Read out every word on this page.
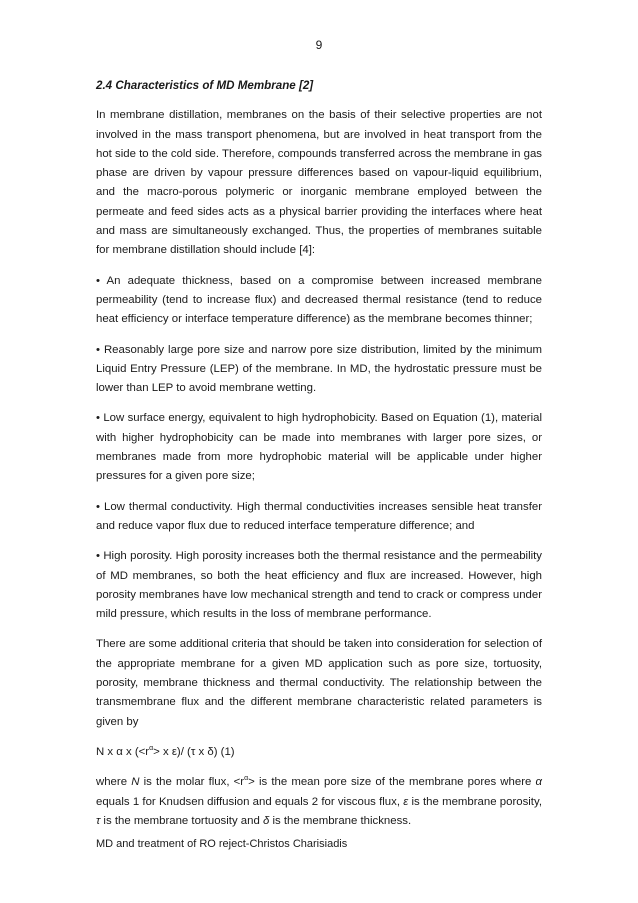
9

2.4 Characteristics of MD Membrane [2]

In membrane distillation, membranes on the basis of their selective properties are not involved in the mass transport phenomena, but are involved in heat transport from the hot side to the cold side. Therefore, compounds transferred across the membrane in gas phase are driven by vapour pressure differences based on vapour-liquid equilibrium, and the macro-porous polymeric or inorganic membrane employed between the permeate and feed sides acts as a physical barrier providing the interfaces where heat and mass are simultaneously exchanged. Thus, the properties of membranes suitable for membrane distillation should include [4]:

• An adequate thickness, based on a compromise between increased membrane permeability (tend to increase flux) and decreased thermal resistance (tend to reduce heat efficiency or interface temperature difference) as the membrane becomes thinner;

• Reasonably large pore size and narrow pore size distribution, limited by the minimum Liquid Entry Pressure (LEP) of the membrane. In MD, the hydrostatic pressure must be lower than LEP to avoid membrane wetting.

• Low surface energy, equivalent to high hydrophobicity. Based on Equation (1), material with higher hydrophobicity can be made into membranes with larger pore sizes, or membranes made from more hydrophobic material will be applicable under higher pressures for a given pore size;

• Low thermal conductivity. High thermal conductivities increases sensible heat transfer and reduce vapor flux due to reduced interface temperature difference; and

• High porosity. High porosity increases both the thermal resistance and the permeability of MD membranes, so both the heat efficiency and flux are increased. However, high porosity membranes have low mechanical strength and tend to crack or compress under mild pressure, which results in the loss of membrane performance.

There are some additional criteria that should be taken into consideration for selection of the appropriate membrane for a given MD application such as pore size, tortuosity, porosity, membrane thickness and thermal conductivity. The relationship between the transmembrane flux and the different membrane characteristic related parameters is given by

N x α x ($<r^\alpha> x$ ε)/ (τ x δ) (1)

where N is the molar flux, $<r^\alpha>$ is the mean pore size of the membrane pores where α equals 1 for Knudsen diffusion and equals 2 for viscous flux, ε is the membrane porosity, τ is the membrane tortuosity and δ is the membrane thickness.

MD and treatment of RO reject-Christos Charisiadis
